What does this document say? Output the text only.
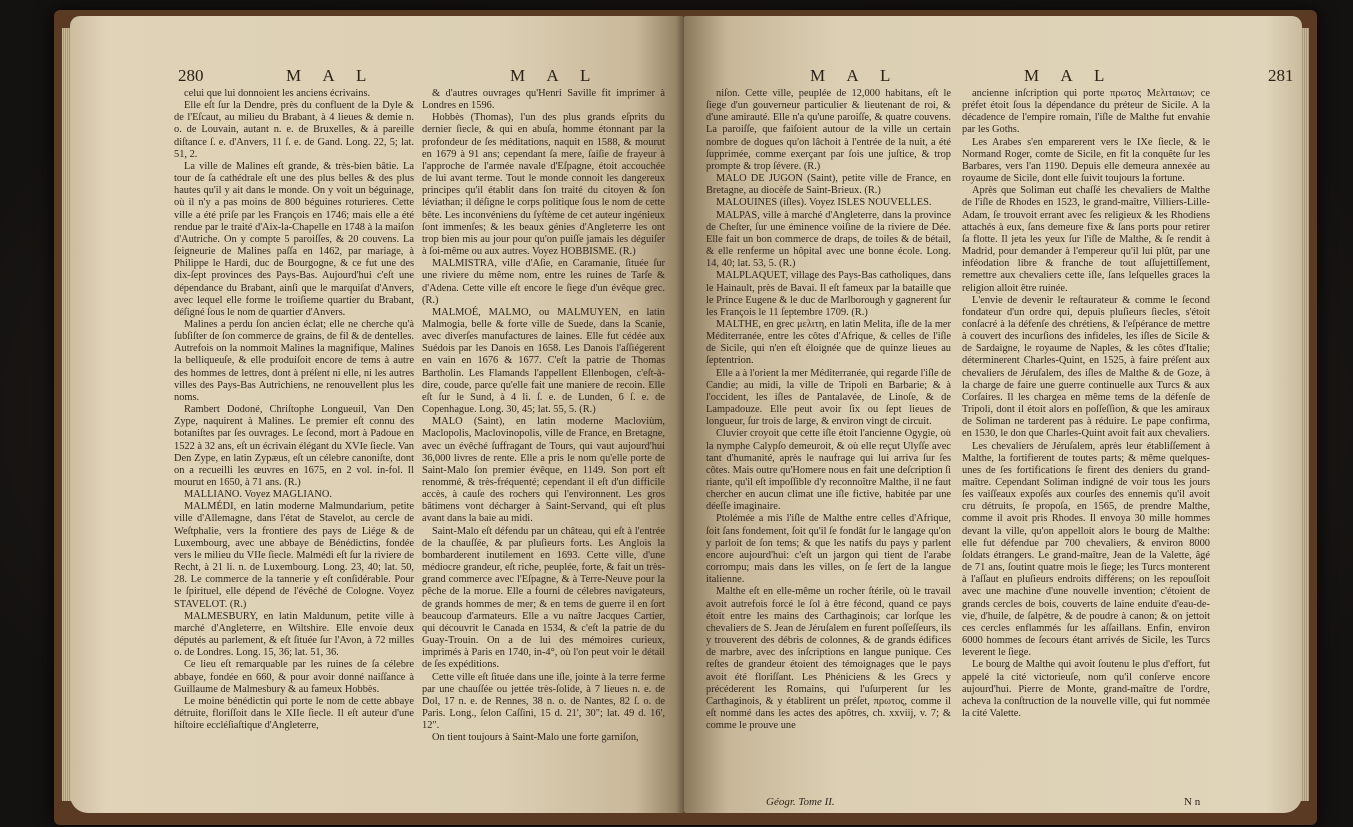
280	M A L	M A L

celui que lui donnoient les anciens écrivains.

Elle eſt ſur la Dendre, près du confluent de la Dyle & de l'Eſcaut, au milieu du Brabant, à 4 lieues & demie n. o. de Louvain, autant n. e. de Bruxelles, & à pareille diſtance ſ. e. d'Anvers, 11 ſ. e. de Gand. Long. 22, 5; lat. 51, 2.

La ville de Malines eſt grande, & très-bien bâtie. La tour de ſa cathédrale eſt une des plus belles & des plus hautes qu'il y ait dans le monde. On y voit un béguinage, où il n'y a pas moins de 800 béguines roturieres. Cette ville a été priſe par les François en 1746; mais elle a été rendue par le traité d'Aix-la-Chapelle en 1748 à la maiſon d'Autriche. On y compte 5 paroiſſes, & 20 couvens. La ſeigneurie de Malines paſſa en 1462, par mariage, à Philippe le Hardi, duc de Bourgogne, & ce fut une des dix-ſept provinces des Pays-Bas. Aujourd'hui c'eſt une dépendance du Brabant, ainſi que le marquiſat d'Anvers, avec lequel elle forme le troiſieme quartier du Brabant, déſigné ſous le nom de quartier d'Anvers.

Malines a perdu ſon ancien éclat; elle ne cherche qu'à ſubſiſter de ſon commerce de grains, de fil & de dentelles. Autrefois on la nommoit Malines la magnifique, Malines la belliqueuſe, & elle produiſoit encore de tems à autre des hommes de lettres, dont à préſent ni elle, ni les autres villes des Pays-Bas Autrichiens, ne renouvellent plus les noms.

Rambert Dodoné, Chriſtophe Longueuil, Van Den Zype, naquirent à Malines. Le premier eſt connu des botaniſtes par ſes ouvrages. Le ſecond, mort à Padoue en 1522 à 32 ans, eſt un écrivain élégant du XVIe ſiecle. Van Den Zype, en latin Zypæus, eſt un célebre canoniſte, dont on a recueilli les œuvres en 1675, en 2 vol. in-fol. Il mourut en 1650, à 71 ans. (R.)

MALLIANO. Voyez MAGLIANO.

MALMÉDI, en latin moderne Malmundarium, petite ville d'Allemagne, dans l'état de Stavelot, au cercle de Weſtphalie, vers la frontiere des pays de Liége & de Luxembourg, avec une abbaye de Bénédictins, fondée vers le milieu du VIIe ſiecle. Malmédi eſt ſur la riviere de Recht, à 21 li. n. de Luxembourg. Long. 23, 40; lat. 50, 28. Le commerce de la tannerie y eſt conſidérable. Pour le ſpirituel, elle dépend de l'évêché de Cologne. Voyez STAVELOT. (R.)

MALMESBURY, en latin Maldunum, petite ville à marché d'Angleterre, en Wiltshire. Elle envoie deux députés au parlement, & eſt ſituée ſur l'Avon, à 72 milles o. de Londres. Long. 15, 36; lat. 51, 36.

Ce lieu eſt remarquable par les ruines de ſa célebre abbaye, fondée en 660, & pour avoir donné naiſſance à Guillaume de Malmesbury & au fameux Hobbès.

Le moine bénédictin qui porte le nom de cette abbaye détruite, floriſſoit dans le XIIe ſiecle. Il eſt auteur d'une hiſtoire eccléſiaſtique d'Angleterre,

& d'autres ouvrages qu'Henri Saville fit imprimer à Londres en 1596.

Hobbès (Thomas), l'un des plus grands eſprits du dernier ſiecle, & qui en abuſa, homme étonnant par la profondeur de ſes méditations, naquit en 1588, & mourut en 1679 à 91 ans; cependant ſa mere, ſaiſie de frayeur à l'approche de l'armée navale d'Eſpagne, étoit accouchée de lui avant terme. Tout le monde connoit les dangereux principes qu'il établit dans ſon traité du citoyen & ſon léviathan; il déſigne le corps politique ſous le nom de cette bête. Les inconvéniens du ſyſtème de cet auteur ingénieux ſont immenſes; & les beaux génies d'Angleterre les ont trop bien mis au jour pour qu'on puiſſe jamais les déguiſer à ſoi-même ou aux autres. Voyez HOBBISME. (R.)

MALMISTRA, ville d'Aſie, en Caramanie, ſituée ſur une riviere du même nom, entre les ruines de Tarſe & d'Adena. Cette ville eſt encore le ſiege d'un évêque grec. (R.)

MALMOÉ, MALMO, ou MALMUYEN, en latin Malmogia, belle & forte ville de Suede, dans la Scanie, avec diverſes manufactures de laines. Elle fut cédée aux Suédois par les Danois en 1658. Les Danois l'aſſiégerent en vain en 1676 & 1677. C'eſt la patrie de Thomas Bartholin. Les Flamands l'appellent Ellenbogen, c'eſt-à-dire, coude, parce qu'elle fait une maniere de recoin. Elle eſt ſur le Sund, à 4 li. ſ. e. de Lunden, 6 ſ. e. de Copenhague. Long. 30, 45; lat. 55, 5. (R.)

MALO (Saint), en latin moderne Macloviùm, Maclopolis, Maclovinopolis, ville de France, en Bretagne, avec un évêché ſuffragant de Tours, qui vaut aujourd'hui 36,000 livres de rente. Elle a pris le nom qu'elle porte de Saint-Malo ſon premier évêque, en 1149. Son port eſt renommé, & très-fréquenté; cependant il eſt d'un difficile accès, à cauſe des rochers qui l'environnent. Les gros bâtimens vont décharger à Saint-Servand, qui eſt plus avant dans la baie au midi.

Saint-Malo eſt défendu par un château, qui eſt à l'entrée de la chauſſée, & par pluſieurs forts. Les Anglois la bombarderent inutilement en 1693. Cette ville, d'une médiocre grandeur, eſt riche, peuplée, forte, & fait un très-grand commerce avec l'Eſpagne, & à Terre-Neuve pour la pêche de la morue. Elle a fourni de célebres navigateurs, de grands hommes de mer; & en tems de guerre il en ſort beaucoup d'armateurs. Elle a vu naître Jacques Cartier, qui découvrit le Canada en 1534, & c'eſt la patrie de du Guay-Trouin. On a de lui des mémoires curieux, imprimés à Paris en 1740, in-4°, où l'on peut voir le détail de ſes expéditions.

Cette ville eſt ſituée dans une iſle, jointe à la terre ferme par une chauſſée ou jettée très-ſolide, à 7 lieues n. e. de Dol, 17 n. e. de Rennes, 38 n. o. de Nantes, 82 ſ. o. de Paris. Long., ſelon Caſſini, 15 d. 21', 30"; lat. 49 d. 16', 12".

On tient toujours à Saint-Malo une forte garniſon,

M A L	M A L	281

niſon. Cette ville, peuplée de 12,000 habitans, eſt le ſiege d'un gouverneur particulier & lieutenant de roi, & d'une amirauté. Elle n'a qu'une paroiſſe, & quatre couvens. La paroiſſe, que faiſoient autour de la ville un certain nombre de dogues qu'on lâchoit à l'entrée de la nuit, a été ſupprimée, comme exerçant par ſois une juſtice, & trop prompte & trop ſévere. (R.)

MALO DE JUGON (Saint), petite ville de France, en Bretagne, au diocèſe de Saint-Brieux. (R.)

MALOUINES (iſles). Voyez ISLES NOUVELLES.

MALPAS, ville à marché d'Angleterre, dans la province de Cheſter, ſur une éminence voiſine de la riviere de Dée. Elle fait un bon commerce de draps, de toiles & de bétail, & elle renferme un hôpital avec une bonne école. Long. 14, 40; lat. 53, 5. (R.)

MALPLAQUET, village des Pays-Bas catholiques, dans le Hainault, près de Bavai. Il eſt fameux par la bataille que le Prince Eugene & le duc de Marlborough y gagnerent ſur les François le 11 ſeptembre 1709. (R.)

MALTHE, en grec μελιτη, en latin Melita, iſle de la mer Méditerranée, entre les côtes d'Afrique, & celles de l'iſle de Sicile, qui n'en eſt éloignée que de quinze lieues au ſeptentrion.

Elle a à l'orient la mer Méditerranée, qui regarde l'iſle de Candie; au midi, la ville de Tripoli en Barbarie; & à l'occident, les iſles de Pantalavée, de Linoſe, & de Lampadouze. Elle peut avoir ſix ou ſept lieues de longueur, ſur trois de large, & environ vingt de circuit.

Cluvier croyoit que cette iſle étoit l'ancienne Ogygie, où la nymphe Calypſo demeuroit, & où elle reçut Ulyſſe avec tant d'humanité, après le naufrage qui lui arriva ſur ſes côtes. Mais outre qu'Homere nous en fait une deſcription ſi riante, qu'il eſt impoſſible d'y reconnoître Malthe, il ne faut chercher en aucun climat une iſle fictive, habitée par une déeſſe imaginaire.

Ptolémée a mis l'iſle de Malthe entre celles d'Afrique, ſoit ſans fondement, ſoit qu'il ſe fondât ſur le langage qu'on y parloit de ſon tems; & que les natifs du pays y parlent encore aujourd'hui: c'eſt un jargon qui tient de l'arabe corrompu; mais dans les villes, on ſe ſert de la langue italienne.

Malthe eſt en elle-même un rocher ſtérile, où le travail avoit autrefois forcé le ſol à être fécond, quand ce pays étoit entre les mains des Carthaginois; car lorſque les chevaliers de S. Jean de Jéruſalem en furent poſſeſſeurs, ils y trouverent des débris de colonnes, & de grands édifices de marbre, avec des inſcriptions en langue punique. Ces reſtes de grandeur étoient des témoignages que le pays avoit été floriſſant. Les Phéniciens & les Grecs y précéderent les Romains, qui l'uſurperent ſur les Carthaginois, & y établirent un préſet, πρωτος, comme il eſt nommé dans les actes des apôtres, ch. xxviij, v. 7; & comme le prouve une

ancienne inſcription qui porte πρωτος Μελιταιων; ce préfet étoit ſous la dépendance du préteur de Sicile. A la décadence de l'empire romain, l'iſle de Malthe fut envahie par les Goths.

Les Arabes s'en emparerent vers le IXe ſiecle, & le Normand Roger, comte de Sicile, en fit la conquête ſur les Barbares, vers l'an 1190. Depuis elle demeura annexée au royaume de Sicile, dont elle ſuivit toujours la fortune.

Après que Soliman eut chaſſé les chevaliers de Malthe de l'iſle de Rhodes en 1523, le grand-maître, Villiers-Lille-Adam, ſe trouvoit errant avec ſes religieux & les Rhodiens attachés à eux, ſans demeure fixe & ſans ports pour retirer ſa flotte. Il jeta les yeux ſur l'iſle de Malthe, & ſe rendit à Madrid, pour demander à l'empereur qu'il lui plût, par une inféodation libre & franche de tout aſſujettiſſement, remettre aux chevaliers cette iſle, ſans leſquelles graces la religion alloit être ruinée.

L'envie de devenir le reſtaurateur & comme le ſecond fondateur d'un ordre qui, depuis pluſieurs ſiecles, s'étoit conſacré à la défenſe des chrétiens, & l'eſpérance de mettre à couvert des incurſions des infideles, les iſles de Sicile & de Sardaigne, le royaume de Naples, & les côtes d'Italie; déterminerent Charles-Quint, en 1525, à faire préſent aux chevaliers de Jéruſalem, des iſles de Malthe & de Goze, à la charge de faire une guerre continuelle aux Turcs & aux Corſaires. Il les chargea en même tems de la défenſe de Tripoli, dont il étoit alors en poſſeſſion, & que les amiraux de Soliman ne tarderent pas à réduire. Le pape confirma, en 1530, le don que Charles-Quint avoit fait aux chevaliers.

Les chevaliers de Jéruſalem, après leur établiſſement à Malthe, la fortifierent de toutes parts; & même quelques-unes de ſes fortifications ſe firent des deniers du grand-maître. Cependant Soliman indigné de voir tous les jours ſes vaiſſeaux expoſés aux courſes des ennemis qu'il avoit cru détruits, ſe propoſa, en 1565, de prendre Malthe, comme il avoit pris Rhodes. Il envoya 30 mille hommes devant la ville, qu'on appelloit alors le bourg de Malthe: elle fut défendue par 700 chevaliers, & environ 8000 ſoldats étrangers. Le grand-maître, Jean de la Valette, âgé de 71 ans, ſoutint quatre mois le ſiege; les Turcs monterent à l'aſſaut en pluſieurs endroits différens; on les repouſſoit avec une machine d'une nouvelle invention; c'étoient de grands cercles de bois, couverts de laine enduite d'eau-de-vie, d'huile, de ſalpètre, & de poudre à canon; & on jettoit ces cercles enflammés ſur les aſſaillans. Enfin, environ 6000 hommes de ſecours étant arrivés de Sicile, les Turcs leverent le ſiege.

Le bourg de Malthe qui avoit ſoutenu le plus d'effort, fut appelé la cité victorieuſe, nom qu'il conſerve encore aujourd'hui. Pierre de Monte, grand-maître de l'ordre, acheva la conſtruction de la nouvelle ville, qui fut nommée la cité Valette.

Géogr. Tome II.	N n
